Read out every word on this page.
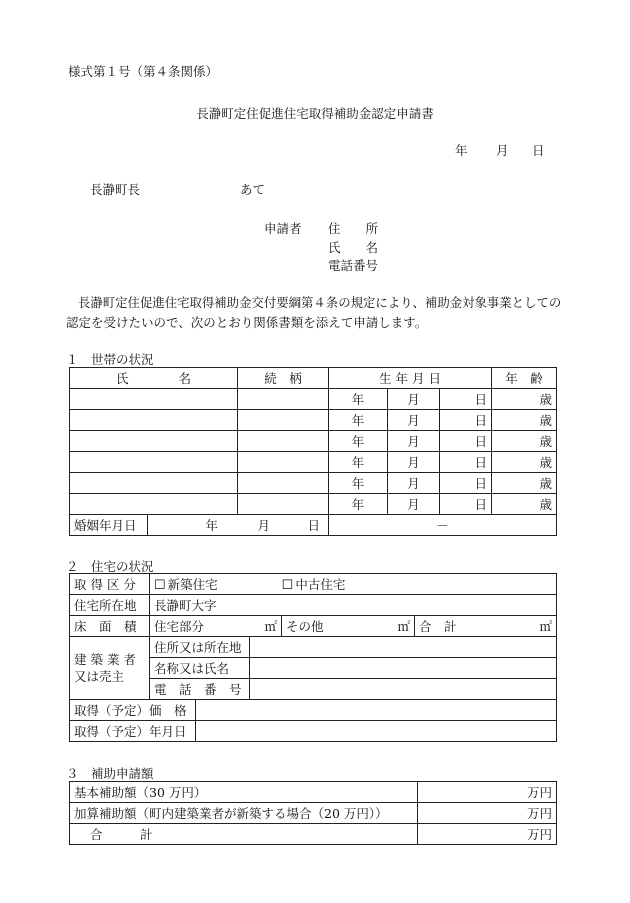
様式第１号（第４条関係）
長瀞町定住促進住宅取得補助金認定申請書
年 月 日
長瀞町長	あて
申請者 住　　所
氏　　名
電話番号
長瀞町定住促進住宅取得補助金交付要綱第４条の規定により、補助金対象事業としての
認定を受けたいので、次のとおり関係書類を添えて申請します。
１　世帯の状況
氏　　　　名		続　柄	生 年 月 日			年　齢
			年	月	日	歳
			年	月	日	歳
			年	月	日	歳
			年	月	日	歳
			年	月	日	歳
			年	月	日	歳
婚姻年月日	年 月 日		－			
２　住宅の状況
取 得 区 分	☐ 新築住宅 ☐ 中古住宅				
住宅所在地	長瀞町大字				
床　面　積	住宅部分 ㎡			その他 ㎡	合　計 ㎡

建 築 業 者
又は売主	住所又は所在地				
	名称又は氏名				
	電　話　番　号				
取得（予定）価　格					
取得（予定）年月日					
３　補助申請額
基本補助額（30 万円）	万円
加算補助額（町内建築業者が新築する場合（20 万円））	万円
合　　　計	万円
